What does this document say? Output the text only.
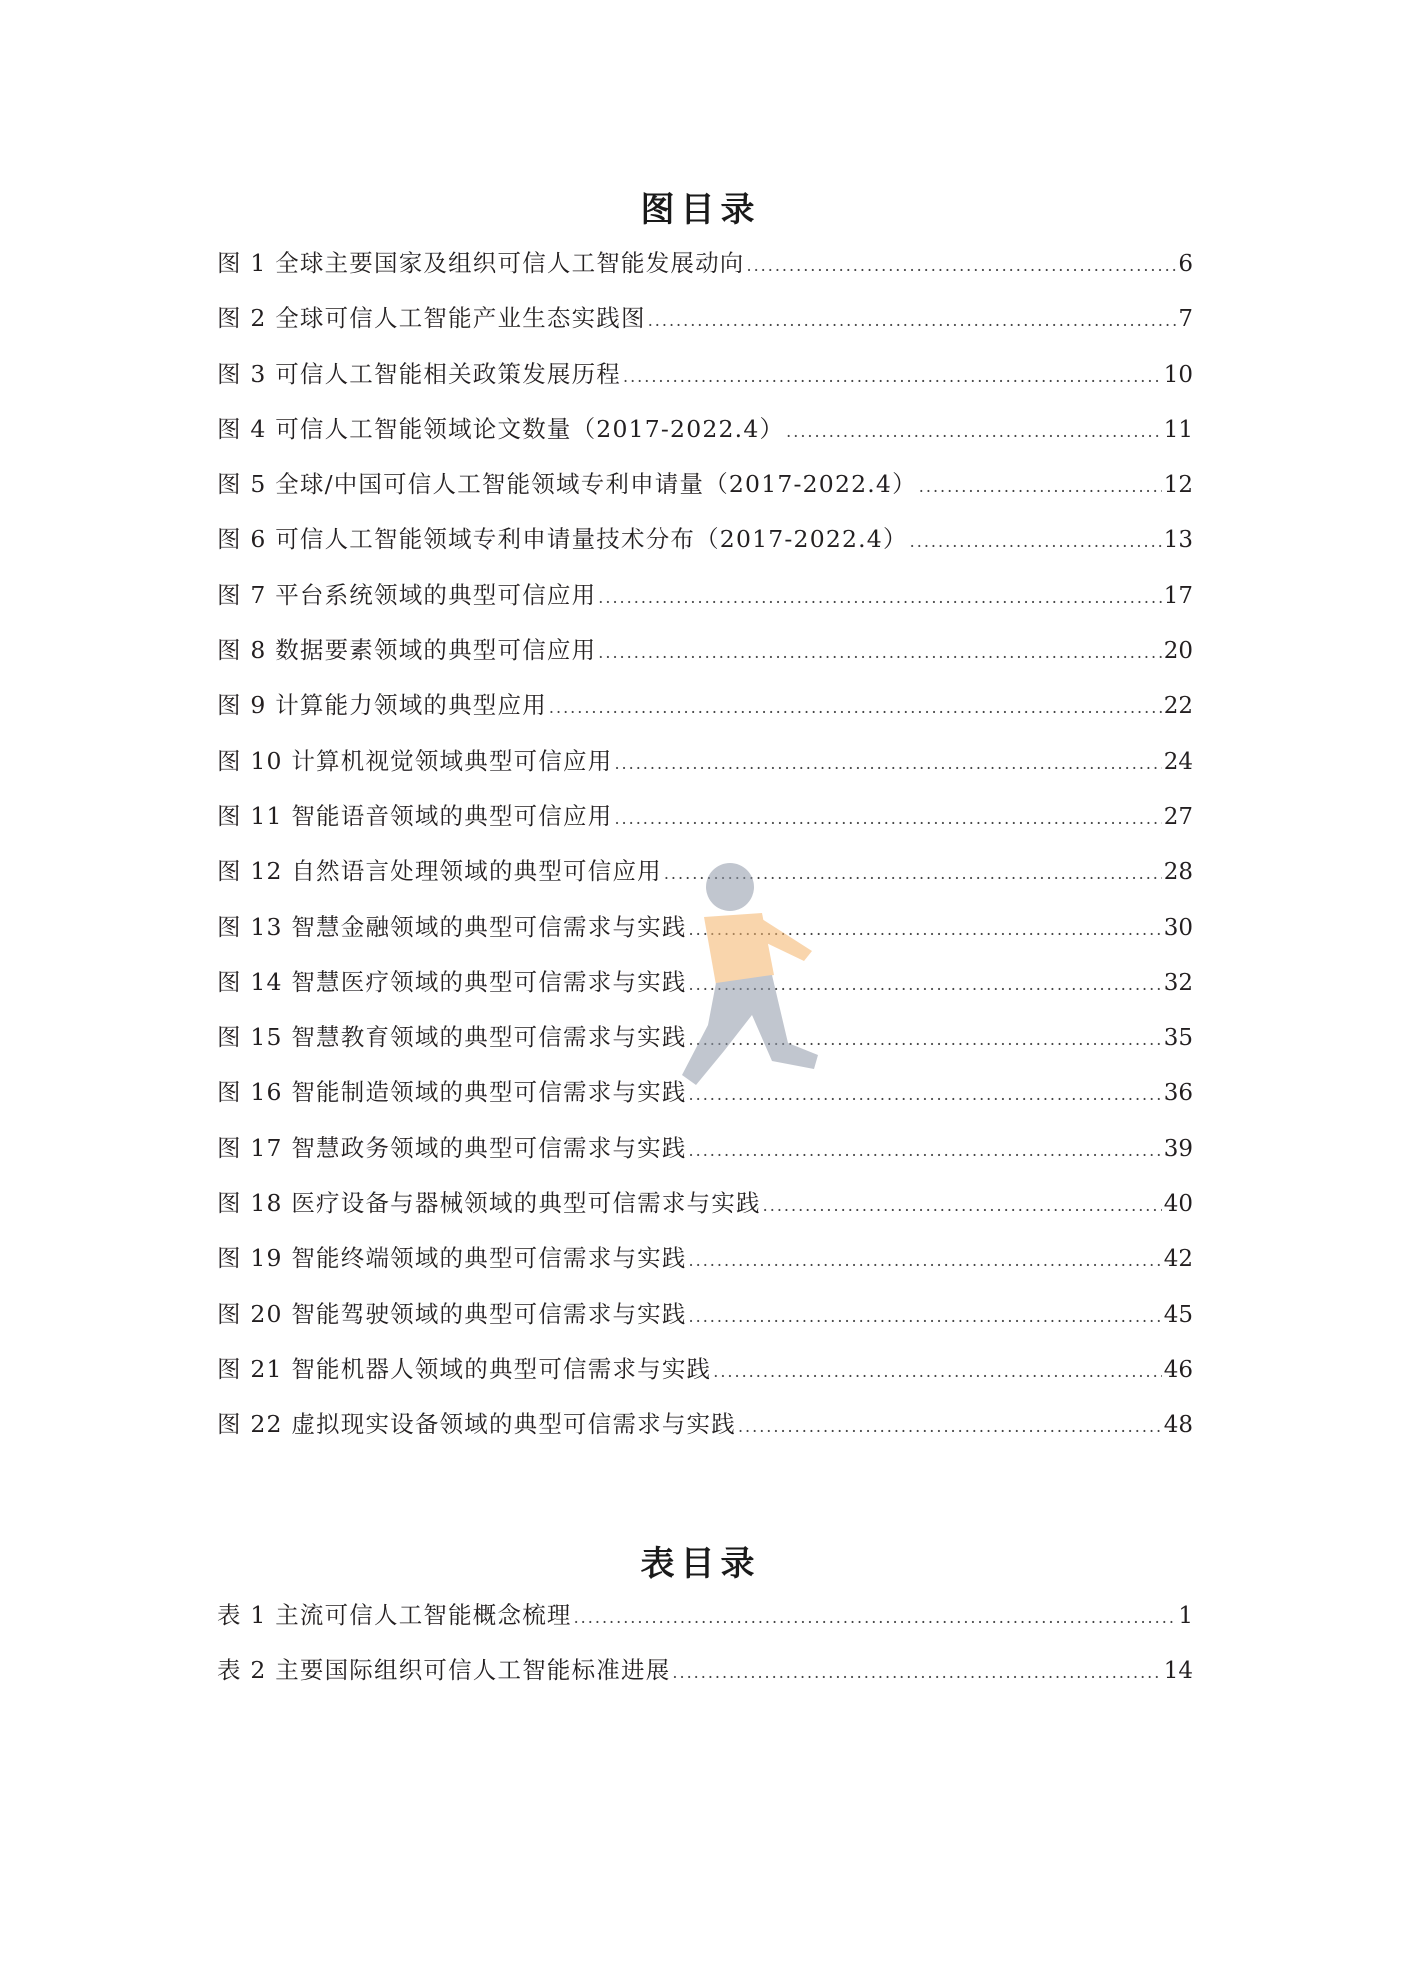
图目录
图 1 全球主要国家及组织可信人工智能发展动向 .....	6
图 2 全球可信人工智能产业生态实践图 .....	7
图 3 可信人工智能相关政策发展历程 .....	10
图 4 可信人工智能领域论文数量（2017-2022.4） .....	11
图 5 全球/中国可信人工智能领域专利申请量（2017-2022.4） .....	12
图 6 可信人工智能领域专利申请量技术分布（2017-2022.4） .....	13
图 7 平台系统领域的典型可信应用 .....	17
图 8 数据要素领域的典型可信应用 .....	20
图 9 计算能力领域的典型应用 .....	22
图 10 计算机视觉领域典型可信应用 .....	24
图 11 智能语音领域的典型可信应用 .....	27
图 12 自然语言处理领域的典型可信应用 .....	28
图 13 智慧金融领域的典型可信需求与实践 .....	30
图 14 智慧医疗领域的典型可信需求与实践 .....	32
图 15 智慧教育领域的典型可信需求与实践 .....	35
图 16 智能制造领域的典型可信需求与实践 .....	36
图 17 智慧政务领域的典型可信需求与实践 .....	39
图 18 医疗设备与器械领域的典型可信需求与实践 .....	40
图 19 智能终端领域的典型可信需求与实践 .....	42
图 20 智能驾驶领域的典型可信需求与实践 .....	45
图 21 智能机器人领域的典型可信需求与实践 .....	46
图 22 虚拟现实设备领域的典型可信需求与实践 .....	48
表目录
表 1 主流可信人工智能概念梳理 .....	1
表 2 主要国际组织可信人工智能标准进展 .....	14
